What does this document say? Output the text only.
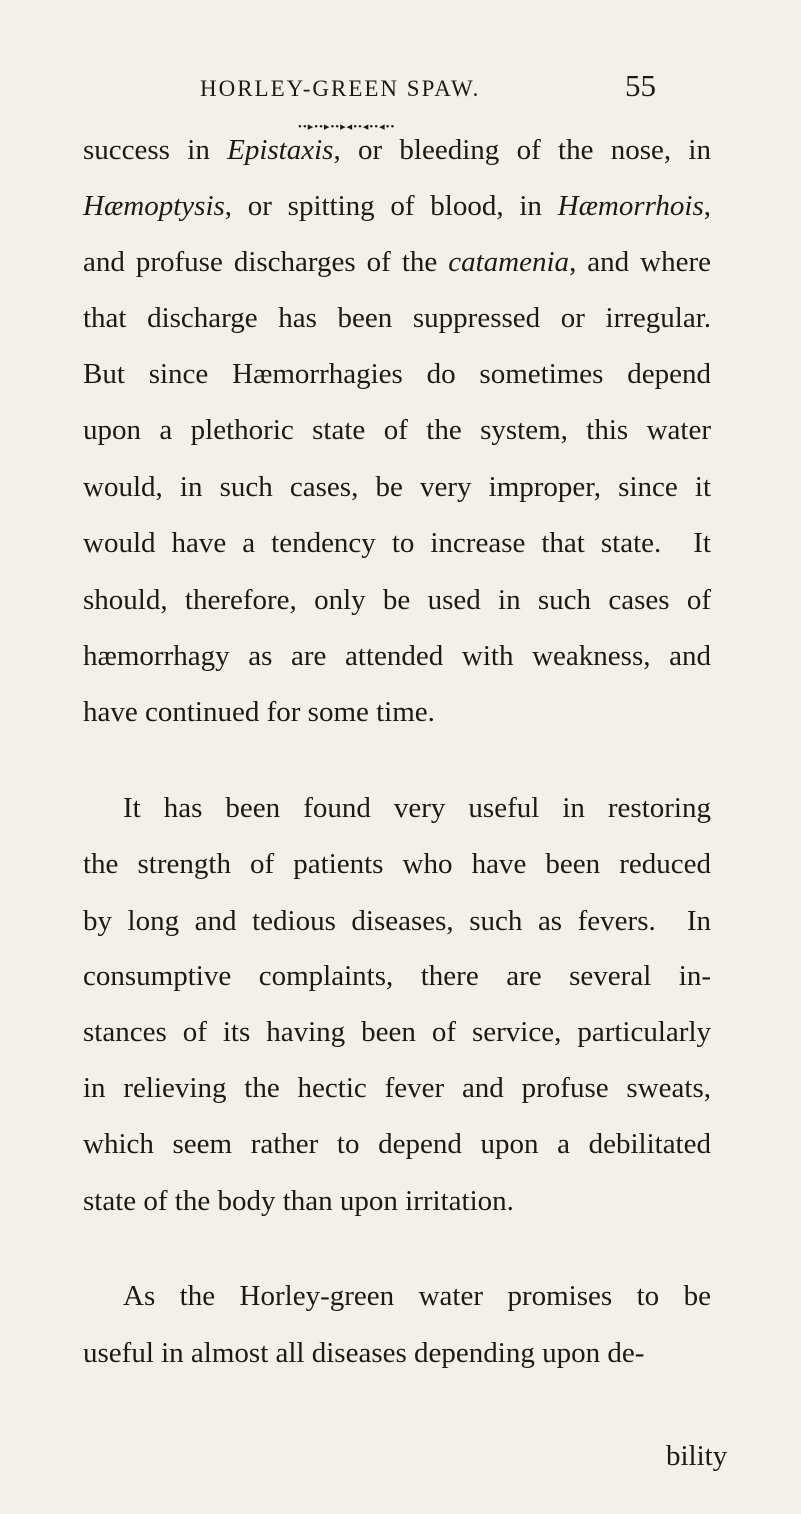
HORLEY-GREEN SPAW.	55
••▸••▸••▸◂••◂••◂••
success in Epistaxis, or bleeding of the nose, in
Hæmoptysis, or spitting of blood, in Hæmorrhois,
and profuse discharges of the catamenia, and where
that discharge has been suppressed or irregular.
But since Hæmorrhagies do sometimes depend
upon a plethoric state of the system, this water
would, in such cases, be very improper, since it
would have a tendency to increase that state.  It
should, therefore, only be used in such cases of
hæmorrhagy as are attended with weakness, and
have continued for some time.
It has been found very useful in restoring
the strength of patients who have been reduced
by long and tedious diseases, such as fevers.  In
consumptive complaints, there are several in-
stances of its having been of service, particularly
in relieving the hectic fever and profuse sweats,
which seem rather to depend upon a debilitated
state of the body than upon irritation.
As the Horley-green water promises to be
useful in almost all diseases depending upon de-
bility
